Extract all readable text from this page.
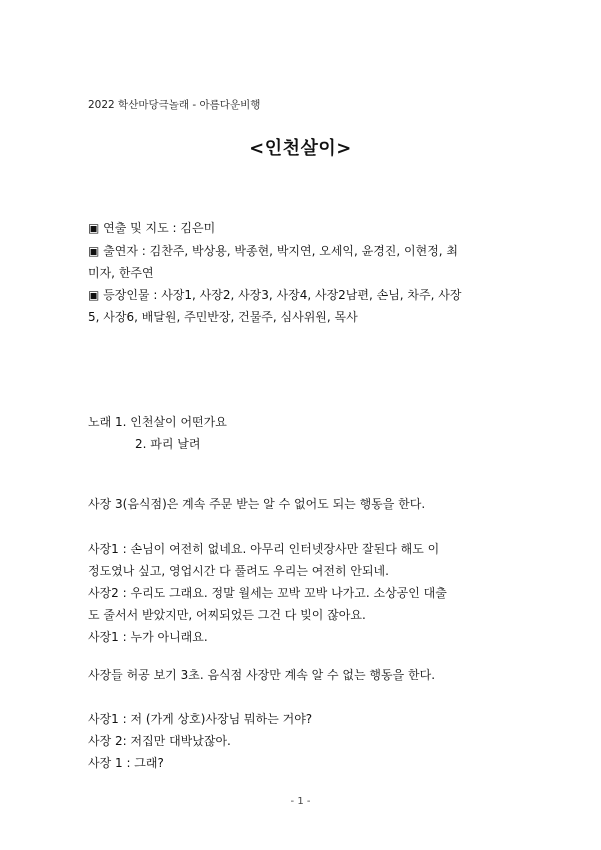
2022 학산마당극놀래 - 아름다운비행
<인천살이>
▣ 연출 및 지도 : 김은미
▣ 출연자 : 김찬주, 박상용, 박종현, 박지연, 오세익, 윤경진, 이현정, 최
미자, 한주연
▣ 등장인물 : 사장1, 사장2, 사장3, 사장4, 사장2남편, 손님, 차주, 사장
5, 사장6, 배달원, 주민반장, 건물주, 심사위원, 목사
노래 1. 인천살이 어떤가요
2. 파리 날려
사장 3(음식점)은 계속 주문 받는 알 수 없어도 되는 행동을 한다.
사장1 : 손님이 여전히 없네요. 아무리 인터넷장사만 잘된다 해도 이
정도였나 싶고, 영업시간 다 풀려도 우리는 여전히 안되네.
사장2 : 우리도 그래요. 정말 월세는 꼬박 꼬박 나가고. 소상공인 대출
도 줄서서 받았지만, 어찌되었든 그건 다 빚이 잖아요.
사장1 : 누가 아니래요.
사장들 허공 보기 3초. 음식점 사장만 계속 알 수 없는 행동을 한다.
사장1 : 저 (가게 상호)사장님 뭐하는 거야?
사장 2: 저집만 대박났잖아.
사장 1 : 그래?
- 1 -
